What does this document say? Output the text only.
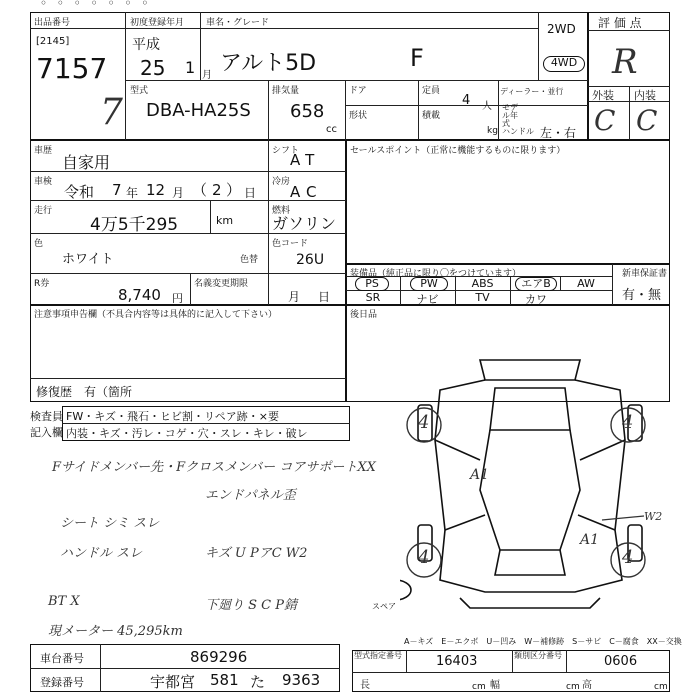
◦ ◦ ◦ ◦ ◦ ◦ ◦
出品番号
[2145]
7157
7
初度登録年月 車名・グレード
平成
25 1 月 アルト5D	F
2WD
4WD
評 価 点
R
外装 内装
C C
型式
DBA-HA25S
排気量
658
cc
ドア	定員
4 人
形状	積載
kg
ディーラー・並行
モデル年式
ハンドル 左・右
セールスポイント（正常に機能するものに限ります）
車歴
自家用
シフト
AT
車検
令和 7 年 12 月 （ 2 ） 日
冷房
AC
走行
4万5千295	km
燃料
ガソリン
色
ホワイト	色替
色コード
26U
R券
8,740 円
名義変更期限
月 日
装備品（純正品に限り〇をつけています）	新車保証書
有・無
PS	PW	ABS	エアB	AW
SR	ナビ	TV	カワ
注意事項申告欄（不具合内容等は具体的に記入して下さい）
修復歴 有（箇所
後日品
検査員
記入欄
FW・キズ・飛石・ヒビ割・リペア跡・×要
内装・キズ・汚レ・コゲ・穴・スレ・キレ・破レ
Fサイドメンバー先・Fクロスメンバー コアサポートXX
エンドパネル歪
シート シミ スレ
ハンドル スレ	キズ U PアC W2
BT X	下廻り S C P錆
現メーター 45,295km
4	4
4	4
A1
A1
W2
スペア
A－キズ　E－エクボ　U－凹み　W－補修跡　S－サビ　C－腐食　XX－交換
車台番号	869296
登録番号	宇都宮 581 た 9363
型式指定番号	16403	類別区分番号	0606
長	cm 幅	cm 高	cm
